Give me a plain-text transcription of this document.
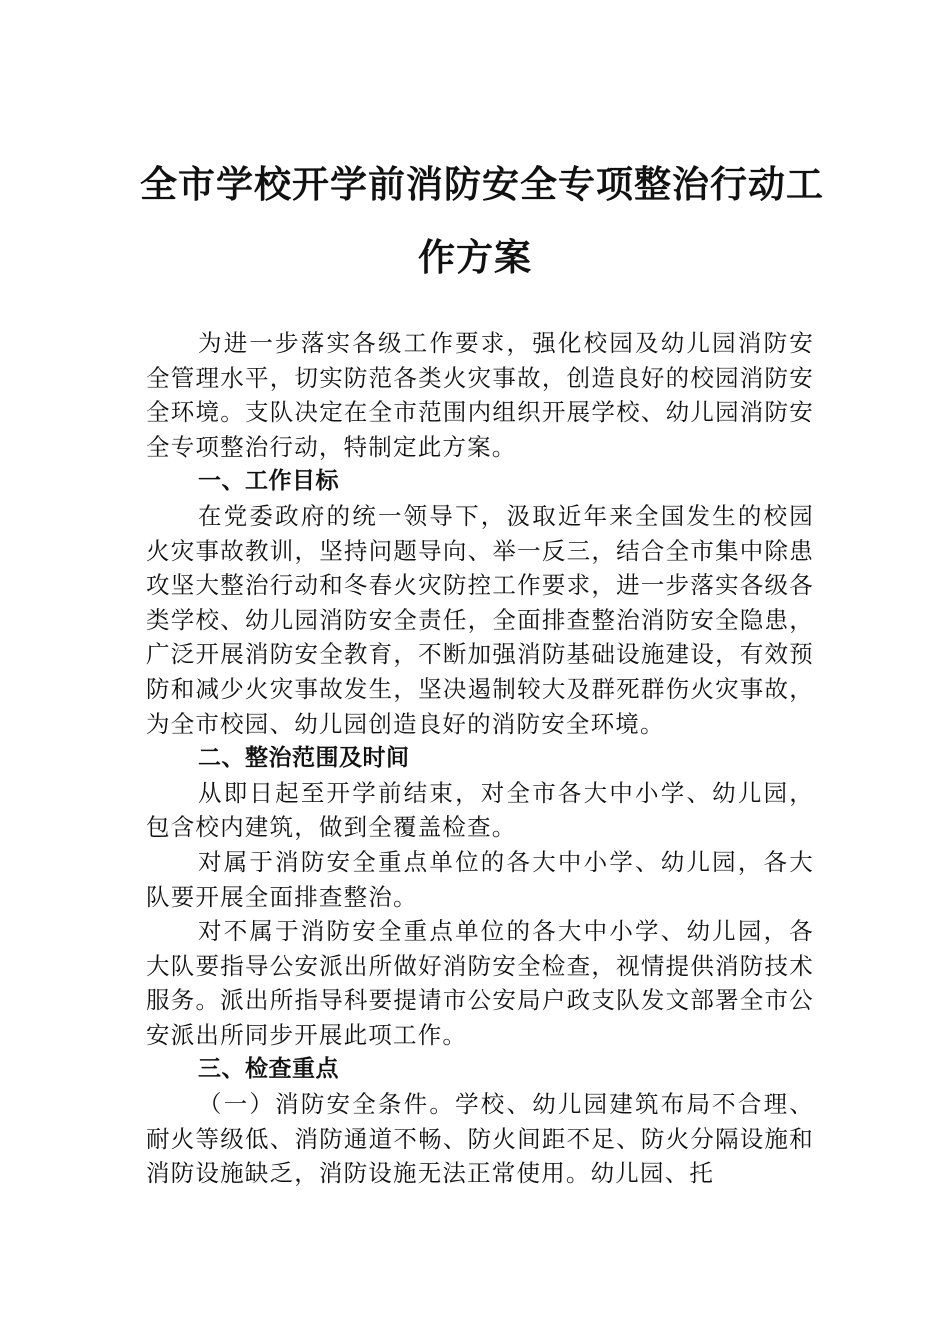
全市学校开学前消防安全专项整治行动工
作方案

为进一步落实各级工作要求，强化校园及幼儿园消防安全管理水平，切实防范各类火灾事故，创造良好的校园消防安全环境。支队决定在全市范围内组织开展学校、幼儿园消防安全专项整治行动，特制定此方案。

一、工作目标

在党委政府的统一领导下，汲取近年来全国发生的校园火灾事故教训，坚持问题导向、举一反三，结合全市集中除患攻坚大整治行动和冬春火灾防控工作要求，进一步落实各级各类学校、幼儿园消防安全责任，全面排查整治消防安全隐患，广泛开展消防安全教育，不断加强消防基础设施建设，有效预防和减少火灾事故发生，坚决遏制较大及群死群伤火灾事故，为全市校园、幼儿园创造良好的消防安全环境。

二、整治范围及时间

从即日起至开学前结束，对全市各大中小学、幼儿园，包含校内建筑，做到全覆盖检查。

对属于消防安全重点单位的各大中小学、幼儿园，各大队要开展全面排查整治。

对不属于消防安全重点单位的各大中小学、幼儿园，各大队要指导公安派出所做好消防安全检查，视情提供消防技术服务。派出所指导科要提请市公安局户政支队发文部署全市公安派出所同步开展此项工作。

三、检查重点

（一）消防安全条件。学校、幼儿园建筑布局不合理、耐火等级低、消防通道不畅、防火间距不足、防火分隔设施和消防设施缺乏，消防设施无法正常使用。幼儿园、托
